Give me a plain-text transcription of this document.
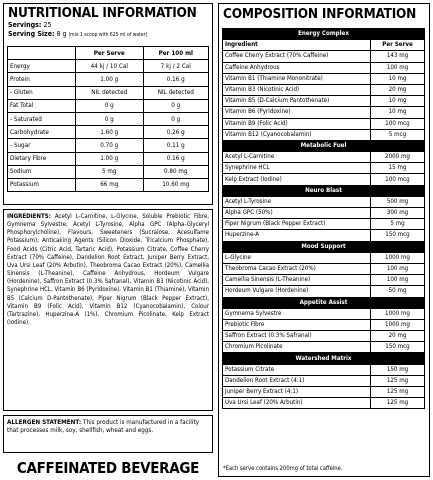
NUTRITIONAL INFORMATION
Servings: 25
Serving Size: 8 g (mix 1 scoop with 625 ml of water)
	Per Serve	Per 100 ml
Energy	44 kj / 10 Cal	7 kj / 2 Cal
Protein	1.00 g	0.16 g
- Gluten	NIL detected	NIL detected
Fat Total	0 g	0 g
- Saturated	0 g	0 g
Carbohydrate	1.60 g	0.26 g
- Sugar	0.70 g	0.11 g
Dietary Fibre	1.00 g	0.16 g
Sodium	5 mg	0.80 mg
Potassium	66 mg	10.60 mg
INGREDIENTS: Acetyl L-Carnitine, L-Glycine, Soluble Prebiotic Fibre, Gymnema Sylvestre, Acetyl L-Tyrosine, Alpha GPC (Alpha-Glyceryl Phosphorylcholine), Flavours, Sweeteners (Sucralose, Acesulfame Potassium), Anticaking Agents (Silicon Dioxide, Tricalcium Phosphate), Food Acids (Citric Acid, Tartaric Acid), Potassium Citrate, Coffee Cherry Extract (70% Caffeine), Dandelion Root Extract, Juniper Berry Extract, Uva Ursi Leaf (20% Arbutin), Theobroma Cacao Extract (20%), Camellia Sinensis (L-Theanine), Caffeine Anhydrous, Hordeum Vulgare (Hordenine), Saffron Extract (0.3% Safranal), Vitamin B3 (Nicotinic Acid), Synephrine HCL, Vitamin B6 (Pyridoxine), Vitamin B1 (Thiamine), Vitamin B5 (Calcium D-Pantothenate), Piper Nigrum (Black Pepper Extract), Vitamin B9 (Folic Acid), Vitamin B12 (Cyanocobalamin), Colour (Tartrazine), Huperzine-A (1%), Chromium Picolinate, Kelp Extract (Iodine).
ALLERGEN STATEMENT: This product is manufactured in a facility that processes milk, soy, shellfish, wheat and eggs.
CAFFEINATED BEVERAGE
COMPOSITION INFORMATION
Energy Complex	
Ingredient	Per Serve
Coffee Cherry Extract (70% Caffeine)	143 mg
Caffeine Anhydrous	100 mg
Vitamin B1 (Thiamine Mononitrate)	10 mg
Vitamin B3 (Nicotinic Acid)	20 mg
Vitamin B5 (D-Calcium Pantothenate)	10 mg
Vitamin B6 (Pyridoxine)	10 mg
Vitamin B9 (Folic Acid)	100 mcg
Vitamin B12 (Cyanocobalamin)	5 mcg
Metabolic Fuel	
Acetyl L-Carnitine	2000 mg
Synephrine HCL	15 mg
Kelp Extract (Iodine)	100 mcg
Neuro Blast	
Acetyl L-Tyrosine	500 mg
Alpha GPC (50%)	300 mg
Piper Nigrum (Black Pepper Extract)	5 mg
Huperzine-A	150 mcg
Mood Support	
L-Glycine	1000 mg
Theobroma Cacao Extract (20%)	100 mg
Camellia Sinensis (L-Theanine)	100 mg
Hordeum Vulgare (Hordenine)	50 mg
Appetite Assist	
Gymnema Sylvestre	1000 mg
Prebiotic Fibre	1000 mg
Saffron Extract (0.3% Safranal)	20 mg
Chromium Picolinate	150 mcg
Watershed Matrix	
Potassium Citrate	150 mg
Dandelion Root Extract (4:1)	125 mg
Juniper Berry Extract (4:1)	125 mg
Uva Ursi Leaf (20% Arbutin)	125 mg
*Each serve contains 200mg of total caffeine.
